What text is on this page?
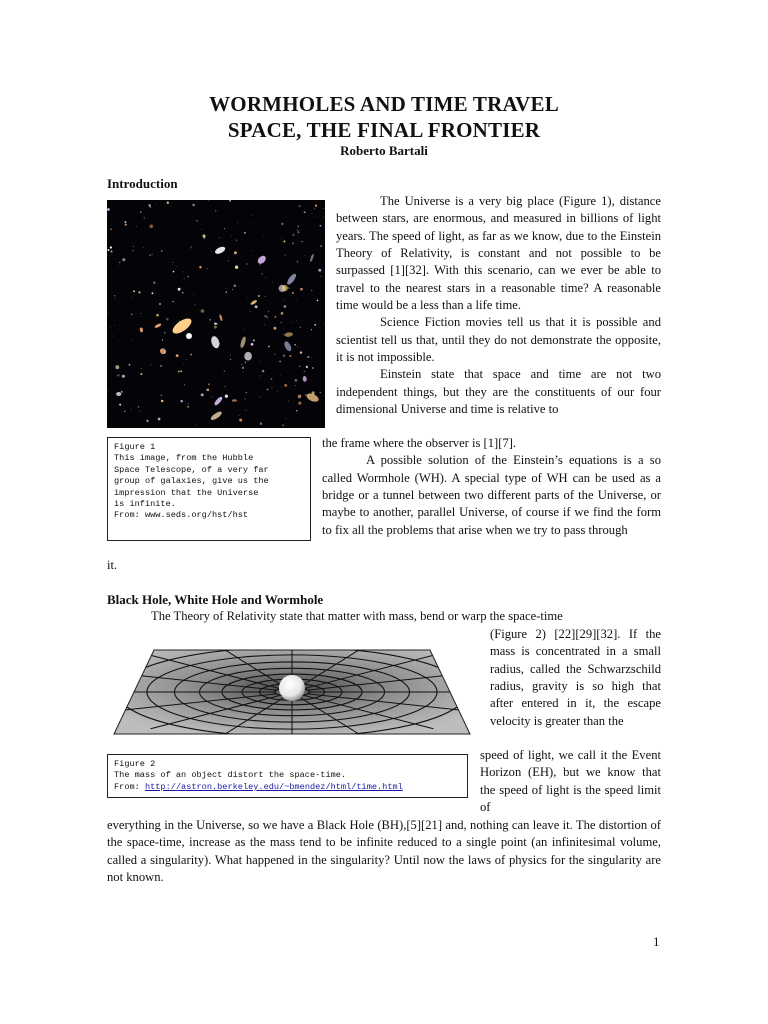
WORMHOLES AND TIME TRAVEL
SPACE, THE FINAL FRONTIER
Roberto Bartali
Introduction

The Universe is a very big place (Figure 1), distance between stars, are enormous, and measured in billions of light years. The speed of light, as far as we know, due to the Einstein Theory of Relativity, is constant and not possible to be surpassed [1][32]. With this scenario, can we ever be able to travel to the nearest stars in a reasonable time? A reasonable time would be a less than a life time.

Science Fiction movies tell us that it is possible and scientist tell us that, until they do not demonstrate the opposite, it is not impossible.

Einstein state that space and time are not two independent things, but they are the constituents of our four dimensional Universe and time is relative to

Figure 1
This image, from the Hubble
Space Telescope, of a very far
group of galaxies, give us the
impression that the Universe
is infinite.
From: www.seds.org/hst/hst

the frame where the observer is [1][7].

A possible solution of the Einstein’s equations is a so called Wormhole (WH). A special type of WH can be used as a bridge or a tunnel between two different parts of the Universe, or maybe to another, parallel Universe, of course if we find the form to fix all the problems that arise when we try to pass through

it.
Black Hole, White Hole and Wormhole
The Theory of Relativity state that matter with mass, bend or warp the space-time
(Figure 2) [22][29][32]. If the mass is concentrated in a small radius, called the Schwarzschild radius, gravity is so high that after entered in it, the escape velocity is greater than the
Figure 2
The mass of an object distort the space-time.
From: http://astron.berkeley.edu/~bmendez/html/time.html
speed of light, we call it the Event Horizon (EH), but we know that the speed of light is the speed limit of
everything in the Universe, so we have a Black Hole (BH),[5][21] and, nothing can leave it. The distortion of the space-time, increase as the mass tend to be infinite reduced to a single point (an infinitesimal volume, called a singularity). What happened in the singularity? Until now the laws of physics for the singularity are not known.
1
